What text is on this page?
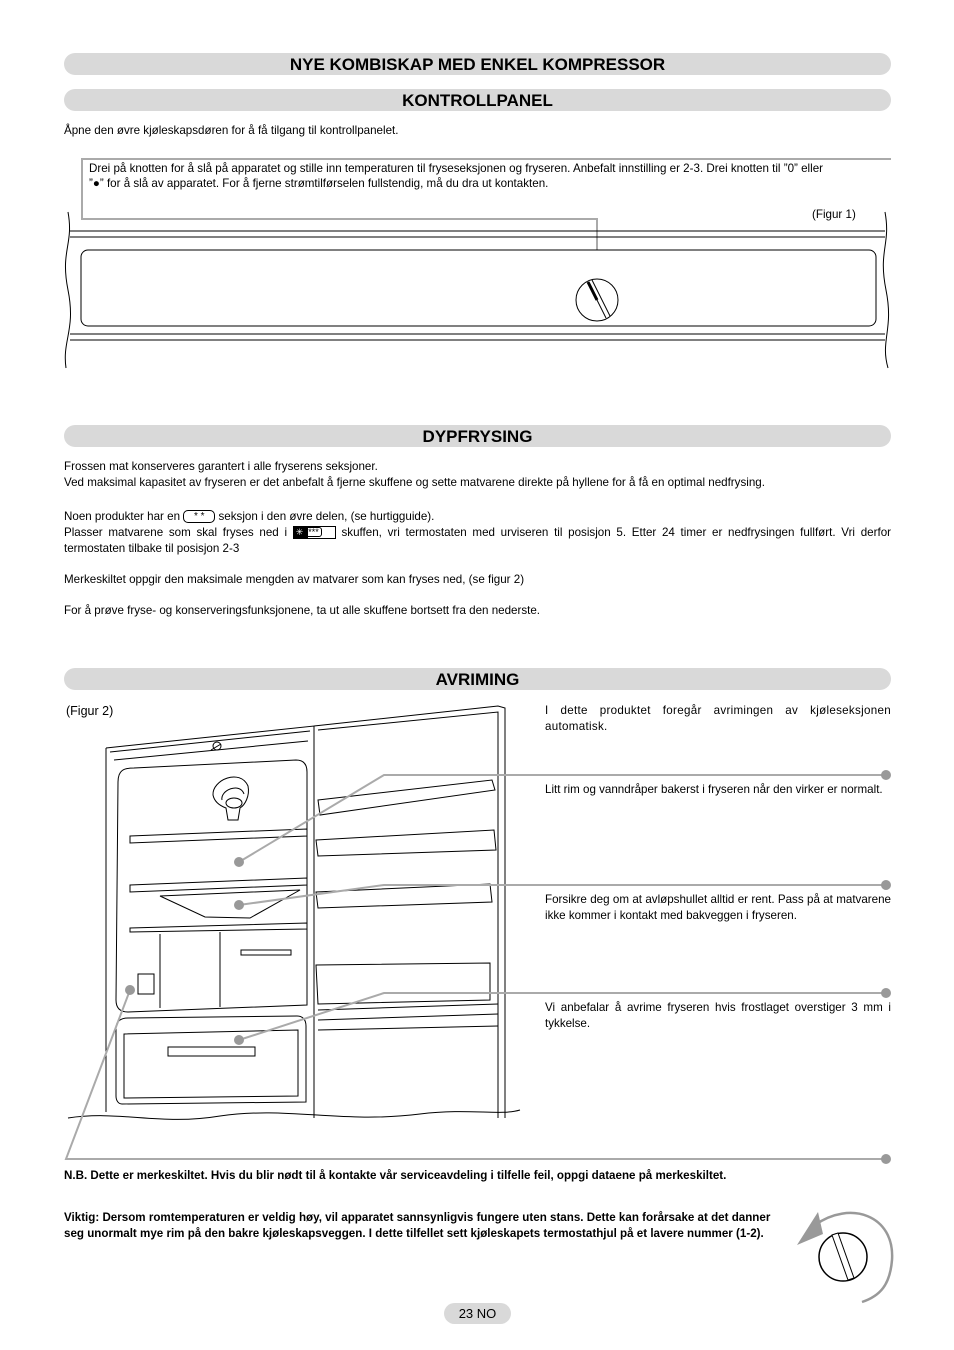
NYE KOMBISKAP MED ENKEL KOMPRESSOR
KONTROLLPANEL
DYPFRYSING
AVRIMING
Åpne den øvre kjøleskapsdøren for å få tilgang til kontrollpanelet.
Drei på knotten for å slå på apparatet og stille inn temperaturen til fryseseksjonen og fryseren. Anbefalt innstilling er 2-3. Drei knotten til ”0” eller
”●” for å slå av apparatet. For å fjerne strømtilførselen fullstendig, må du dra ut kontakten.
(Figur 1)
Frossen mat konserveres garantert i alle fryserens seksjoner.
Ved maksimal kapasitet av fryseren er det anbefalt å fjerne skuffene og sette matvarene direkte på hyllene for å få en optimal nedfrysing.
Noen produkter har en * * seksjon i den øvre delen, (se hurtigguide).
Plasser matvarene som skal fryses ned i ✳ *** skuffen, vri termostaten med urviseren til posisjon 5. Etter 24 timer er nedfrysingen fullført. Vri derfor termostaten tilbake til posisjon 2-3
Merkeskiltet oppgir den maksimale mengden av matvarer som kan fryses ned, (se figur 2)
For å prøve fryse- og konserveringsfunksjonene, ta ut alle skuffene bortsett fra den nederste.
(Figur 2)	I dette produktet foregår avrimingen av kjøleseksjonen automatisk.
Litt rim og vanndråper bakerst i fryseren når den virker er normalt.
Forsikre deg om at avløpshullet alltid er rent. Pass på at matvarene ikke kommer i kontakt med bakveggen i fryseren.
Vi anbefalar å avrime fryseren hvis frostlaget overstiger 3 mm i tykkelse.
N.B. Dette er merkeskiltet. Hvis du blir nødt til å kontakte vår serviceavdeling i tilfelle feil, oppgi dataene på merkeskiltet.
Viktig: Dersom romtemperaturen er veldig høy, vil apparatet sannsynligvis fungere uten stans. Dette kan forårsake at det danner seg unormalt mye rim på den bakre kjøleskapsveggen. I dette tilfellet sett kjøleskapets termostathjul på et lavere nummer (1-2).
23 NO
